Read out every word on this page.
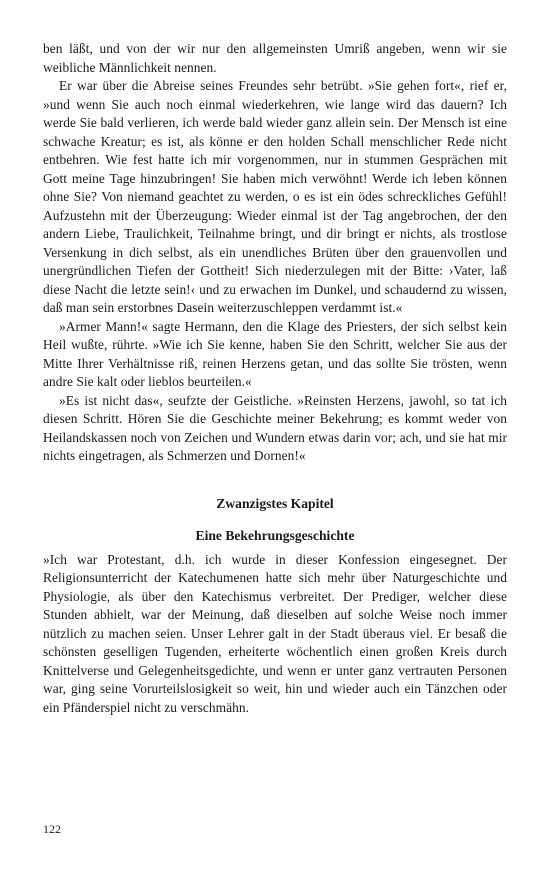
ben läßt, und von der wir nur den allgemeinsten Umriß angeben, wenn wir sie weibliche Männlichkeit nennen.

Er war über die Abreise seines Freundes sehr betrübt. »Sie gehen fort«, rief er, »und wenn Sie auch noch einmal wiederkehren, wie lange wird das dauern? Ich werde Sie bald verlieren, ich werde bald wieder ganz allein sein. Der Mensch ist eine schwache Kreatur; es ist, als könne er den holden Schall menschlicher Rede nicht entbehren. Wie fest hatte ich mir vorgenommen, nur in stummen Gesprächen mit Gott meine Tage hinzubringen! Sie haben mich verwöhnt! Werde ich leben können ohne Sie? Von niemand geachtet zu werden, o es ist ein ödes schreckliches Gefühl! Aufzustehn mit der Überzeugung: Wieder einmal ist der Tag angebrochen, der den andern Liebe, Traulichkeit, Teilnahme bringt, und dir bringt er nichts, als trostlose Versenkung in dich selbst, als ein unendliches Brüten über den grauenvollen und unergründlichen Tiefen der Gottheit! Sich niederzulegen mit der Bitte: ›Vater, laß diese Nacht die letzte sein!‹ und zu erwachen im Dunkel, und schaudernd zu wissen, daß man sein erstorbnes Dasein weiterzuschleppen verdammt ist.«

»Armer Mann!« sagte Hermann, den die Klage des Priesters, der sich selbst kein Heil wußte, rührte. »Wie ich Sie kenne, haben Sie den Schritt, welcher Sie aus der Mitte Ihrer Verhältnisse riß, reinen Herzens getan, und das sollte Sie trösten, wenn andre Sie kalt oder lieblos beurteilen.«

»Es ist nicht das«, seufzte der Geistliche. »Reinsten Herzens, jawohl, so tat ich diesen Schritt. Hören Sie die Geschichte meiner Bekehrung; es kommt weder von Heilandskassen noch von Zeichen und Wundern etwas darin vor; ach, und sie hat mir nichts eingetragen, als Schmerzen und Dornen!«

Zwanzigstes Kapitel
Eine Bekehrungsgeschichte

»Ich war Protestant, d.h. ich wurde in dieser Konfession eingesegnet. Der Religionsunterricht der Katechumenen hatte sich mehr über Naturgeschichte und Physiologie, als über den Katechismus verbreitet. Der Prediger, welcher diese Stunden abhielt, war der Meinung, daß dieselben auf solche Weise noch immer nützlich zu machen seien. Unser Lehrer galt in der Stadt überaus viel. Er besaß die schönsten geselligen Tugenden, erheiterte wöchentlich einen großen Kreis durch Knittelverse und Gelegenheitsgedichte, und wenn er unter ganz vertrauten Personen war, ging seine Vorurteilslosigkeit so weit, hin und wieder auch ein Tänzchen oder ein Pfänderspiel nicht zu verschmähn.

122
